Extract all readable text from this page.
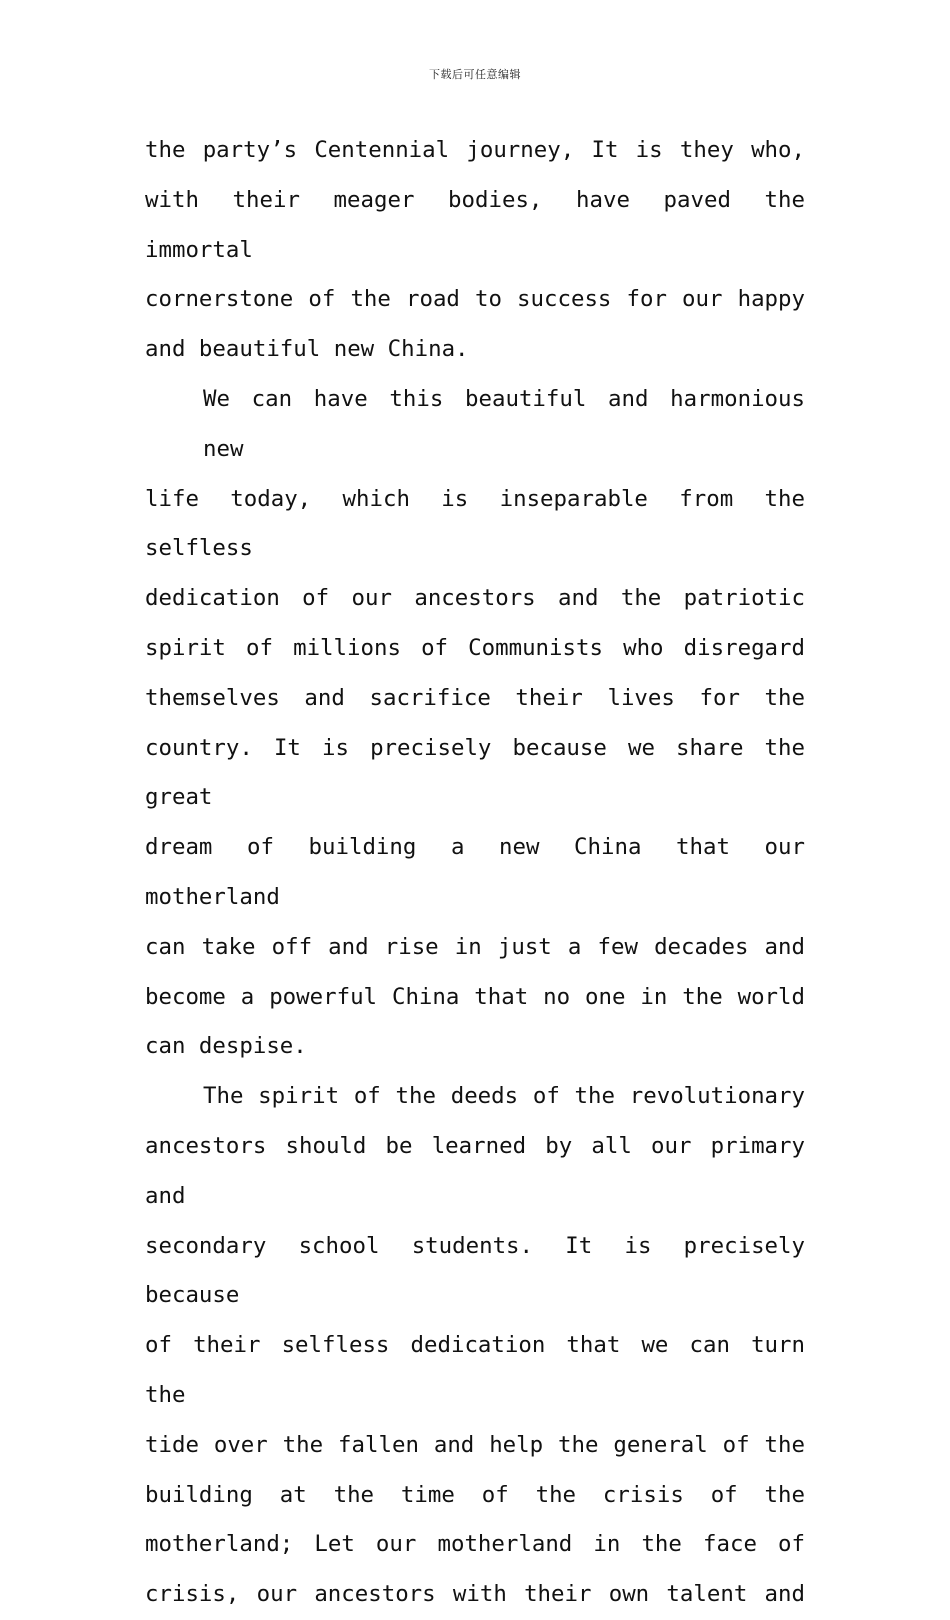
下载后可任意编辑
the party’s Centennial journey, It is they who,
with their meager bodies, have paved the immortal
cornerstone of the road to success for our happy
and beautiful new China.
We can have this beautiful and harmonious new
life today, which is inseparable from the selfless
dedication of our ancestors and the patriotic
spirit of millions of Communists who disregard
themselves and sacrifice their lives for the
country. It is precisely because we share the great
dream of building a new China that our motherland
can take off and rise in just a few decades and
become a powerful China that no one in the world
can despise.
The spirit of the deeds of the revolutionary
ancestors should be learned by all our primary and
secondary school students. It is precisely because
of their selfless dedication that we can turn the
tide over the fallen and help the general of the
building at the time of the crisis of the
motherland; Let our motherland in the face of
crisis, our ancestors with their own talent and
